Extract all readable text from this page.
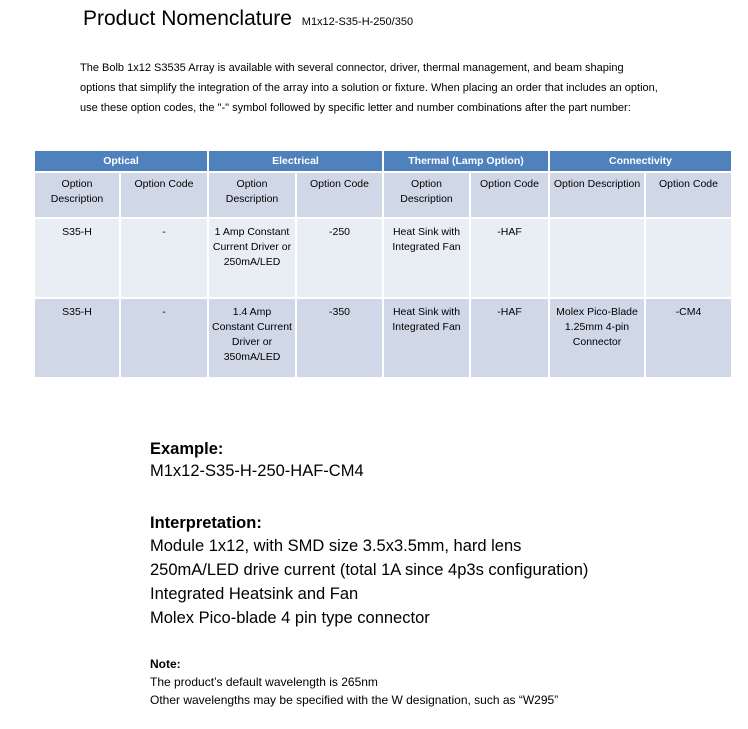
Product Nomenclature M1x12-S35-H-250/350
The Bolb 1x12 S3535 Array is available with several connector, driver, thermal management, and beam shaping options that simplify the integration of the array into a solution or fixture. When placing an order that includes an option, use these option codes, the "-" symbol followed by specific letter and number combinations after the part number:
Optical		Electrical		Thermal (Lamp Option)		Connectivity	
Option Description	Option Code	Option Description	Option Code	Option Description	Option Code	Option Description	Option Code
S35-H	-	1 Amp Constant Current Driver or 250mA/LED	-250	Heat Sink with Integrated Fan	-HAF		
S35-H	-	1.4 Amp Constant Current Driver or 350mA/LED	-350	Heat Sink with Integrated Fan	-HAF	Molex Pico-Blade 1.25mm 4-pin Connector	-CM4
Example:
M1x12-S35-H-250-HAF-CM4
Interpretation:
Module 1x12, with SMD size 3.5x3.5mm, hard lens
250mA/LED drive current (total 1A since 4p3s configuration)
Integrated Heatsink and Fan
Molex Pico-blade 4 pin type connector
Note:
The product’s default wavelength is 265nm
Other wavelengths may be specified with the W designation, such as “W295”
